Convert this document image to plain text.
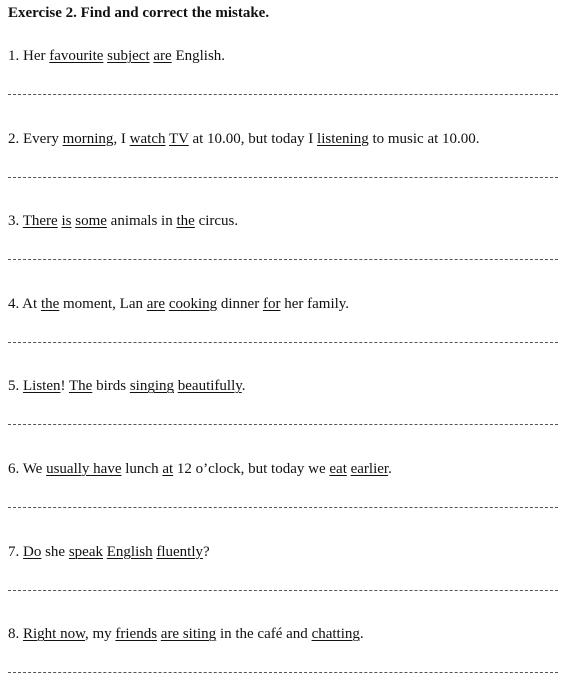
Exercise 2. Find and correct the mistake.
1. Her favourite subject are English.
2. Every morning, I watch TV at 10.00, but today I listening to music at 10.00.
3. There is some animals in the circus.
4. At the moment, Lan are cooking dinner for her family.
5. Listen! The birds singing beautifully.
6. We usually have lunch at 12 o’clock, but today we eat earlier.
7. Do she speak English fluently?
8. Right now, my friends are siting in the café and chatting.
